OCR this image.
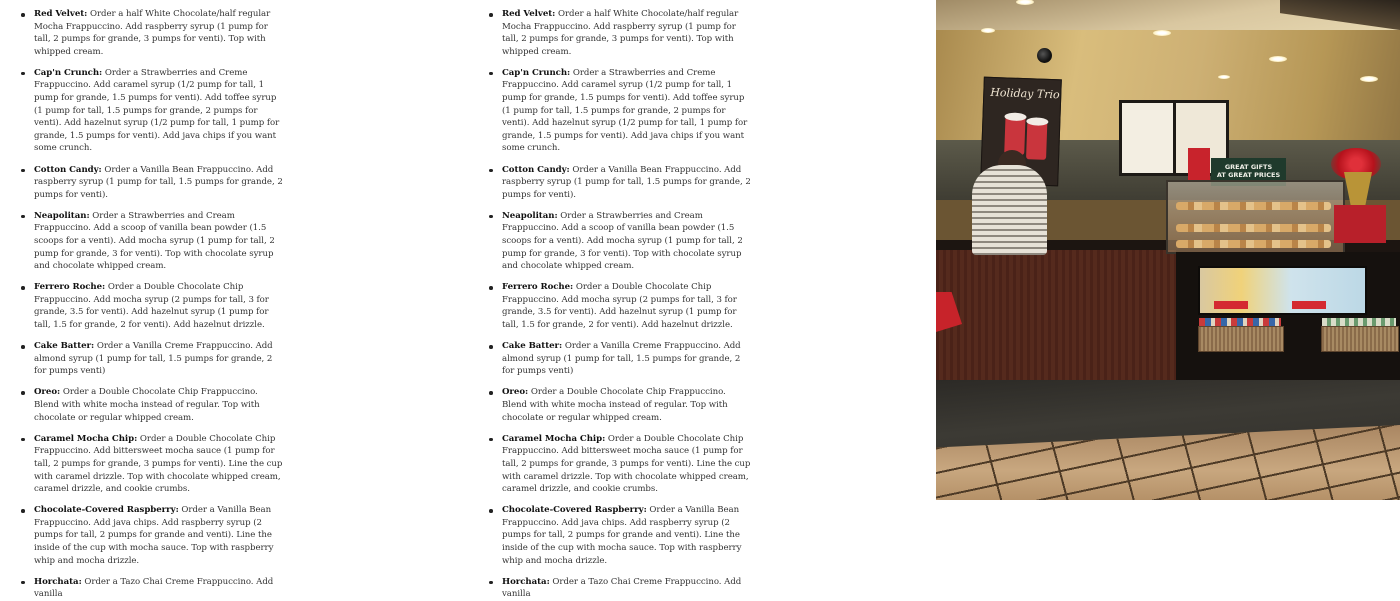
Red Velvet: Order a half White Chocolate/half regular Mocha Frappuccino. Add raspberry syrup (1 pump for tall, 2 pumps for grande, 3 pumps for venti). Top with whipped cream.
Cap'n Crunch: Order a Strawberries and Creme Frappuccino. Add caramel syrup (1/2 pump for tall, 1 pump for grande, 1.5 pumps for venti). Add toffee syrup (1 pump for tall, 1.5 pumps for grande, 2 pumps for venti). Add hazelnut syrup (1/2 pump for tall, 1 pump for grande, 1.5 pumps for venti). Add java chips if you want some crunch.
Cotton Candy: Order a Vanilla Bean Frappuccino. Add raspberry syrup (1 pump for tall, 1.5 pumps for grande, 2 pumps for venti).
Neapolitan: Order a Strawberries and Cream Frappuccino. Add a scoop of vanilla bean powder (1.5 scoops for a venti). Add mocha syrup (1 pump for tall, 2 pump for grande, 3 for venti). Top with chocolate syrup and chocolate whipped cream.
Ferrero Roche: Order a Double Chocolate Chip Frappuccino. Add mocha syrup (2 pumps for tall, 3 for grande, 3.5 for venti). Add hazelnut syrup (1 pump for tall, 1.5 for grande, 2 for venti). Add hazelnut drizzle.
Cake Batter: Order a Vanilla Creme Frappuccino. Add almond syrup (1 pump for tall, 1.5 pumps for grande, 2 for pumps venti)
Oreo: Order a Double Chocolate Chip Frappuccino. Blend with white mocha instead of regular. Top with chocolate or regular whipped cream.
Caramel Mocha Chip: Order a Double Chocolate Chip Frappuccino. Add bittersweet mocha sauce (1 pump for tall, 2 pumps for grande, 3 pumps for venti). Line the cup with caramel drizzle. Top with chocolate whipped cream, caramel drizzle, and cookie crumbs.
Chocolate-Covered Raspberry: Order a Vanilla Bean Frappuccino. Add java chips. Add raspberry syrup (2 pumps for tall, 2 pumps for grande and venti). Line the inside of the cup with mocha sauce. Top with raspberry whip and mocha drizzle.
Horchata: Order a Tazo Chai Creme Frappuccino. Add vanilla
Red Velvet: Order a half White Chocolate/half regular Mocha Frappuccino. Add raspberry syrup (1 pump for tall, 2 pumps for grande, 3 pumps for venti). Top with whipped cream.
Cap'n Crunch: Order a Strawberries and Creme Frappuccino. Add caramel syrup (1/2 pump for tall, 1 pump for grande, 1.5 pumps for venti). Add toffee syrup (1 pump for tall, 1.5 pumps for grande, 2 pumps for venti). Add hazelnut syrup (1/2 pump for tall, 1 pump for grande, 1.5 pumps for venti). Add java chips if you want some crunch.
Cotton Candy: Order a Vanilla Bean Frappuccino. Add raspberry syrup (1 pump for tall, 1.5 pumps for grande, 2 pumps for venti).
Neapolitan: Order a Strawberries and Cream Frappuccino. Add a scoop of vanilla bean powder (1.5 scoops for a venti). Add mocha syrup (1 pump for tall, 2 pump for grande, 3 for venti). Top with chocolate syrup and chocolate whipped cream.
Ferrero Roche: Order a Double Chocolate Chip Frappuccino. Add mocha syrup (2 pumps for tall, 3 for grande, 3.5 for venti). Add hazelnut syrup (1 pump for tall, 1.5 for grande, 2 for venti). Add hazelnut drizzle.
Cake Batter: Order a Vanilla Creme Frappuccino. Add almond syrup (1 pump for tall, 1.5 pumps for grande, 2 for pumps venti)
Oreo: Order a Double Chocolate Chip Frappuccino. Blend with white mocha instead of regular. Top with chocolate or regular whipped cream.
Caramel Mocha Chip: Order a Double Chocolate Chip Frappuccino. Add bittersweet mocha sauce (1 pump for tall, 2 pumps for grande, 3 pumps for venti). Line the cup with caramel drizzle. Top with chocolate whipped cream, caramel drizzle, and cookie crumbs.
Chocolate-Covered Raspberry: Order a Vanilla Bean Frappuccino. Add java chips. Add raspberry syrup (2 pumps for tall, 2 pumps for grande and venti). Line the inside of the cup with mocha sauce. Top with raspberry whip and mocha drizzle.
Horchata: Order a Tazo Chai Creme Frappuccino. Add vanilla
Holiday Trio
GREAT GIFTS
AT GREAT PRICES
